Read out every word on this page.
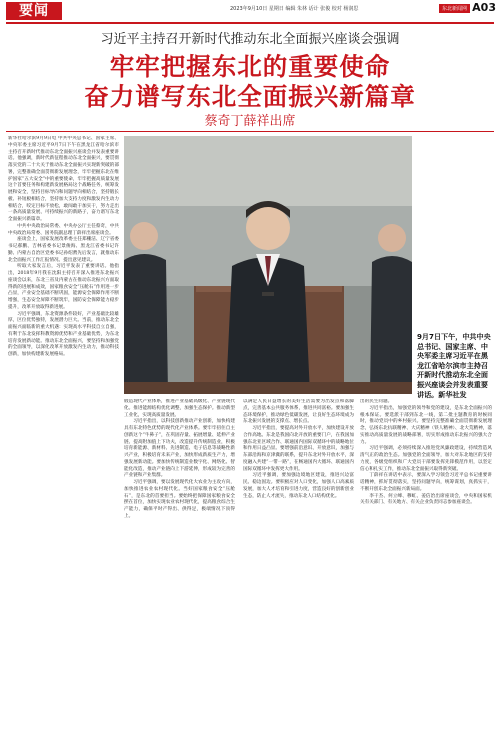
要闻	2023年9月10日 星期日 编辑 朱林 话计 张俊 校对 杨润思	东北新闻网 A03
习近平主持召开新时代推动东北全面振兴座谈会强调
牢牢把握东北的重要使命
奋力谱写东北全面振兴新篇章
蔡奇丁薛祥出席

新华社哈尔滨9月9日电 中共中央总书记、国家主席、中央军委主席习近平9月7日下午在黑龙江省哈尔滨市主持召开新时代推动东北全面振兴座谈会并发表重要讲话。他强调，新时代新征程推动东北全面振兴，要贯彻落实党的二十大关于推动东北全面振兴实现新突破的部署，完整准确全面贯彻新发展理念，牢牢把握东北在维护国家“五大安全”中的重要使命，牢牢把握高质量发展这个首要任务和构建新发展格局这个战略任务，统筹发展和安全，坚持目标导向和问题导向相结合，坚持锻长板、补短板相结合，坚持加大支持力度和激发内生动力相结合，咬定目标不放松，敢闯敢干加实干，努力走出一条高质量发展、可持续振兴的新路子，奋力谱写东北全面振兴新篇章。

中共中央政治局常委、中央办公厅主任蔡奇，中共中央政治局常委、国务院副总理丁薛祥出席座谈会。

座谈会上，国家发展改革委主任郑栅洁、辽宁省委书记郝鹏、吉林省委书记景俊海、黑龙江省委书记许勤、内蒙古自治区党委书记孙绍骋先后发言，就推动东北全面振兴工作汇报情况、提出意见建议。

听取大家发言后，习近平发表了重要讲话。他指出，2018年9月我在沈阳主持召开深入推进东北振兴座谈会以来，东北三省及内蒙古在推动东北振兴方面取得新的进展和成效，国家粮食安全“压舱石”作用进一步凸显，产业安全基础不断巩固，能源安全保障作用不断增强，生态安全屏障不断筑牢，国防安全保障能力稳步提升，改革开放取得新进展。

习近平强调，东北资源条件较好，产业基础比较雄厚，区位优势独特，发展潜力巨大。当前，推动东北全面振兴面临新的重大机遇：实现高水平科技自立自强，有利于东北发挥科教资源优势和产业基础优势，为东北培育发展新动能。推动东北全面振兴，要坚持和加强党的全面领导，以深化改革开放激发内生动力，推动科技创新，加快构建新发展格局。

9月7日下午，中共中央总书记、国家主席、中央军委主席习近平在黑龙江省哈尔滨市主持召开新时代推动东北全面振兴座谈会并发表重要讲话。新华社发

锻造现代产业体系，推进产业基础高级化、产业链现代化。推进能源结构优化调整，加强生态保护。推动新型工业化，实现高质量发展。

习近平指出，以科技创新推动产业创新，加快构建具有东北特色优势的现代化产业体系。要牢牢扭住自主创新这个“牛鼻子”，在巩固存量、拓展增量、延伸产业链、提高附加值上下功夫，改造提升传统制造业，积极培育新能源、新材料、先进制造、电子信息等战略性新兴产业，积极培育未来产业，加快形成新质生产力，增强发展新动能。要加快传统制造业数字化、网络化、智能化改造，推动产业链向上下游延伸，形成较为完善的产业链和产业集群。

习近平强调，要以发展现代化大农业为主攻方向，加快推进农业农村现代化。当好国家粮食安全“压舱石”，是东北的首要担当。要始终把保障国家粮食安全摆在首位，加快实现农业农村现代化，提高粮食综合生产能力，确保平时产得出、供得足，极端情况下顶得上。

以满足人民日益增长的美好生活需要为出发点和落脚点，完善基本公共服务体系，推进共同富裕。要加强生态环境保护，推动绿色低碳发展，让良好生态环境成为东北振兴发展的支撑点、增长点。

习近平指出，要提高对外开放水平，加快建设开放合作高地。东北是我国向北开放的重要门户，在我国加强东北亚区域合作、联通国内国际双循环中的战略地位和作用日益凸显。要增强前沿意识、开放意识，加强与东部沿海和京津冀的联系，提升东北对外开放水平，深度融入共建“一带一路”，在畅通国内大循环、联通国内国际双循环中发挥更大作用。

习近平强调，要加强边境地区建设，推进兴边富民、稳边固边。要积极应对人口变化，加强人口高素质发展，加大人才培育和引进力度，营造良好的创新创业生态，防止人才流失，推动东北人口结构优化。

出的民生问题。

习近平指出，加强党的领导和党的建设，是东北全面振兴的根本保证。要选派干部到东北一线，第二批主题教育的时候同时，推动党员中的乡村振兴。要坚持完整准确全面贯彻新发展理念，弘扬东北抗联精神、大庆精神（铁人精神）、北大荒精神，落实推动高质量发展的战略部署，切实形成推动东北振兴的强大合力。

习近平强调，必须持续深入推进党风廉政建设，持续营造风清气正的政治生态。加强党的全面领导，加大对东北地区的支持力度，各级党组织和广大党员干部要发挥先锋模范作用，以坚定信心和扎实工作，推动东北全面振兴取得新突破。

丁薛祥在讲话中表示，要深入学习领会习近平总书记重要讲话精神，抓好贯彻落实，坚持问题导向，统筹谋划，真抓实干，不断开创东北全面振兴新局面。

李干杰、何立峰、穆虹、姜信治出席座谈会，中央和国家机关有关部门、有关地方、有关企业负责同志参加座谈会。
